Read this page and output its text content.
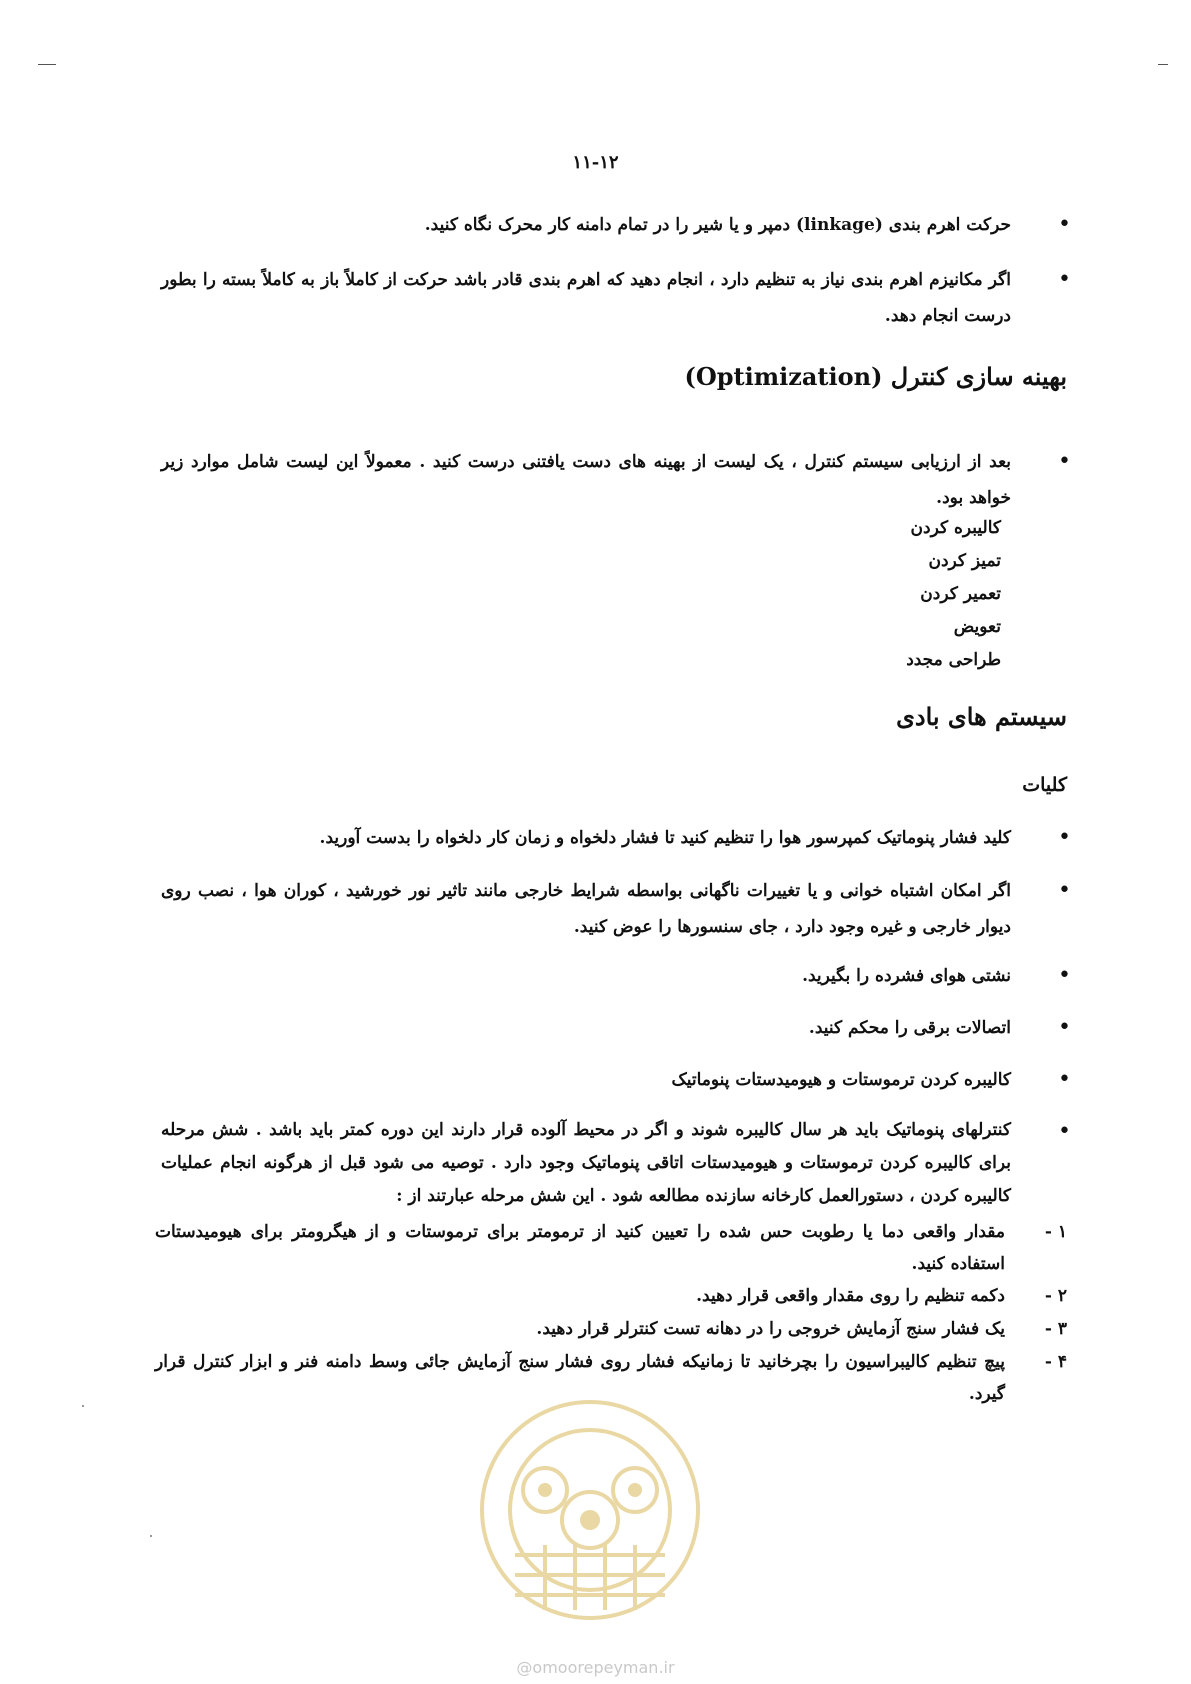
۱۱-۱۲
•
حرکت اهرم بندی (linkage) دمپر و یا شیر را در تمام دامنه کار محرک نگاه کنید.
•
اگر مکانیزم اهرم بندی نیاز به تنظیم دارد ، انجام دهید که اهرم بندی قادر باشد حرکت از کاملاً باز به کاملاً بسته را بطور درست انجام دهد.
بهینه سازی کنترل (Optimization)
•
بعد از ارزیابی سیستم کنترل ، یک لیست از بهینه های دست یافتنی درست کنید . معمولاً این لیست شامل موارد زیر خواهد بود.
کالیبره کردن
تمیز کردن
تعمیر کردن
تعویض
طراحی مجدد
سیستم های بادی
کلیات
•
کلید فشار پنوماتیک کمپرسور هوا را تنظیم کنید تا فشار دلخواه و زمان کار دلخواه را بدست آورید.
•
اگر امکان اشتباه خوانی و یا تغییرات ناگهانی بواسطه شرایط خارجی مانند تاثیر نور خورشید ، کوران هوا ، نصب روی دیوار خارجی و غیره وجود دارد ، جای سنسورها را عوض کنید.
•
نشتی هوای فشرده را بگیرید.
•
اتصالات برقی را محکم کنید.
•
کالیبره کردن ترموستات و هیومیدستات پنوماتیک
•
کنترلهای پنوماتیک باید هر سال کالیبره شوند و اگر در محیط آلوده قرار دارند این دوره کمتر باید باشد . شش مرحله برای کالیبره کردن ترموستات و هیومیدستات اتاقی پنوماتیک وجود دارد . توصیه می شود قبل از هرگونه انجام عملیات کالیبره کردن ، دستورالعمل کارخانه سازنده مطالعه شود . این شش مرحله عبارتند از :
۱ -
مقدار واقعی دما یا رطوبت حس شده را تعیین کنید از ترمومتر برای ترموستات و از هیگرومتر برای هیومیدستات استفاده کنید.
۲ -
دکمه تنظیم را روی مقدار واقعی قرار دهید.
۳ -
یک فشار سنج آزمایش خروجی را در دهانه تست کنترلر قرار دهید.
۴ -
پیچ تنظیم کالیبراسیون را بچرخانید تا زمانیکه فشار روی فشار سنج آزمایش جائی وسط دامنه فنر و ابزار کنترل قرار گیرد.
@omoorepeyman.ir
